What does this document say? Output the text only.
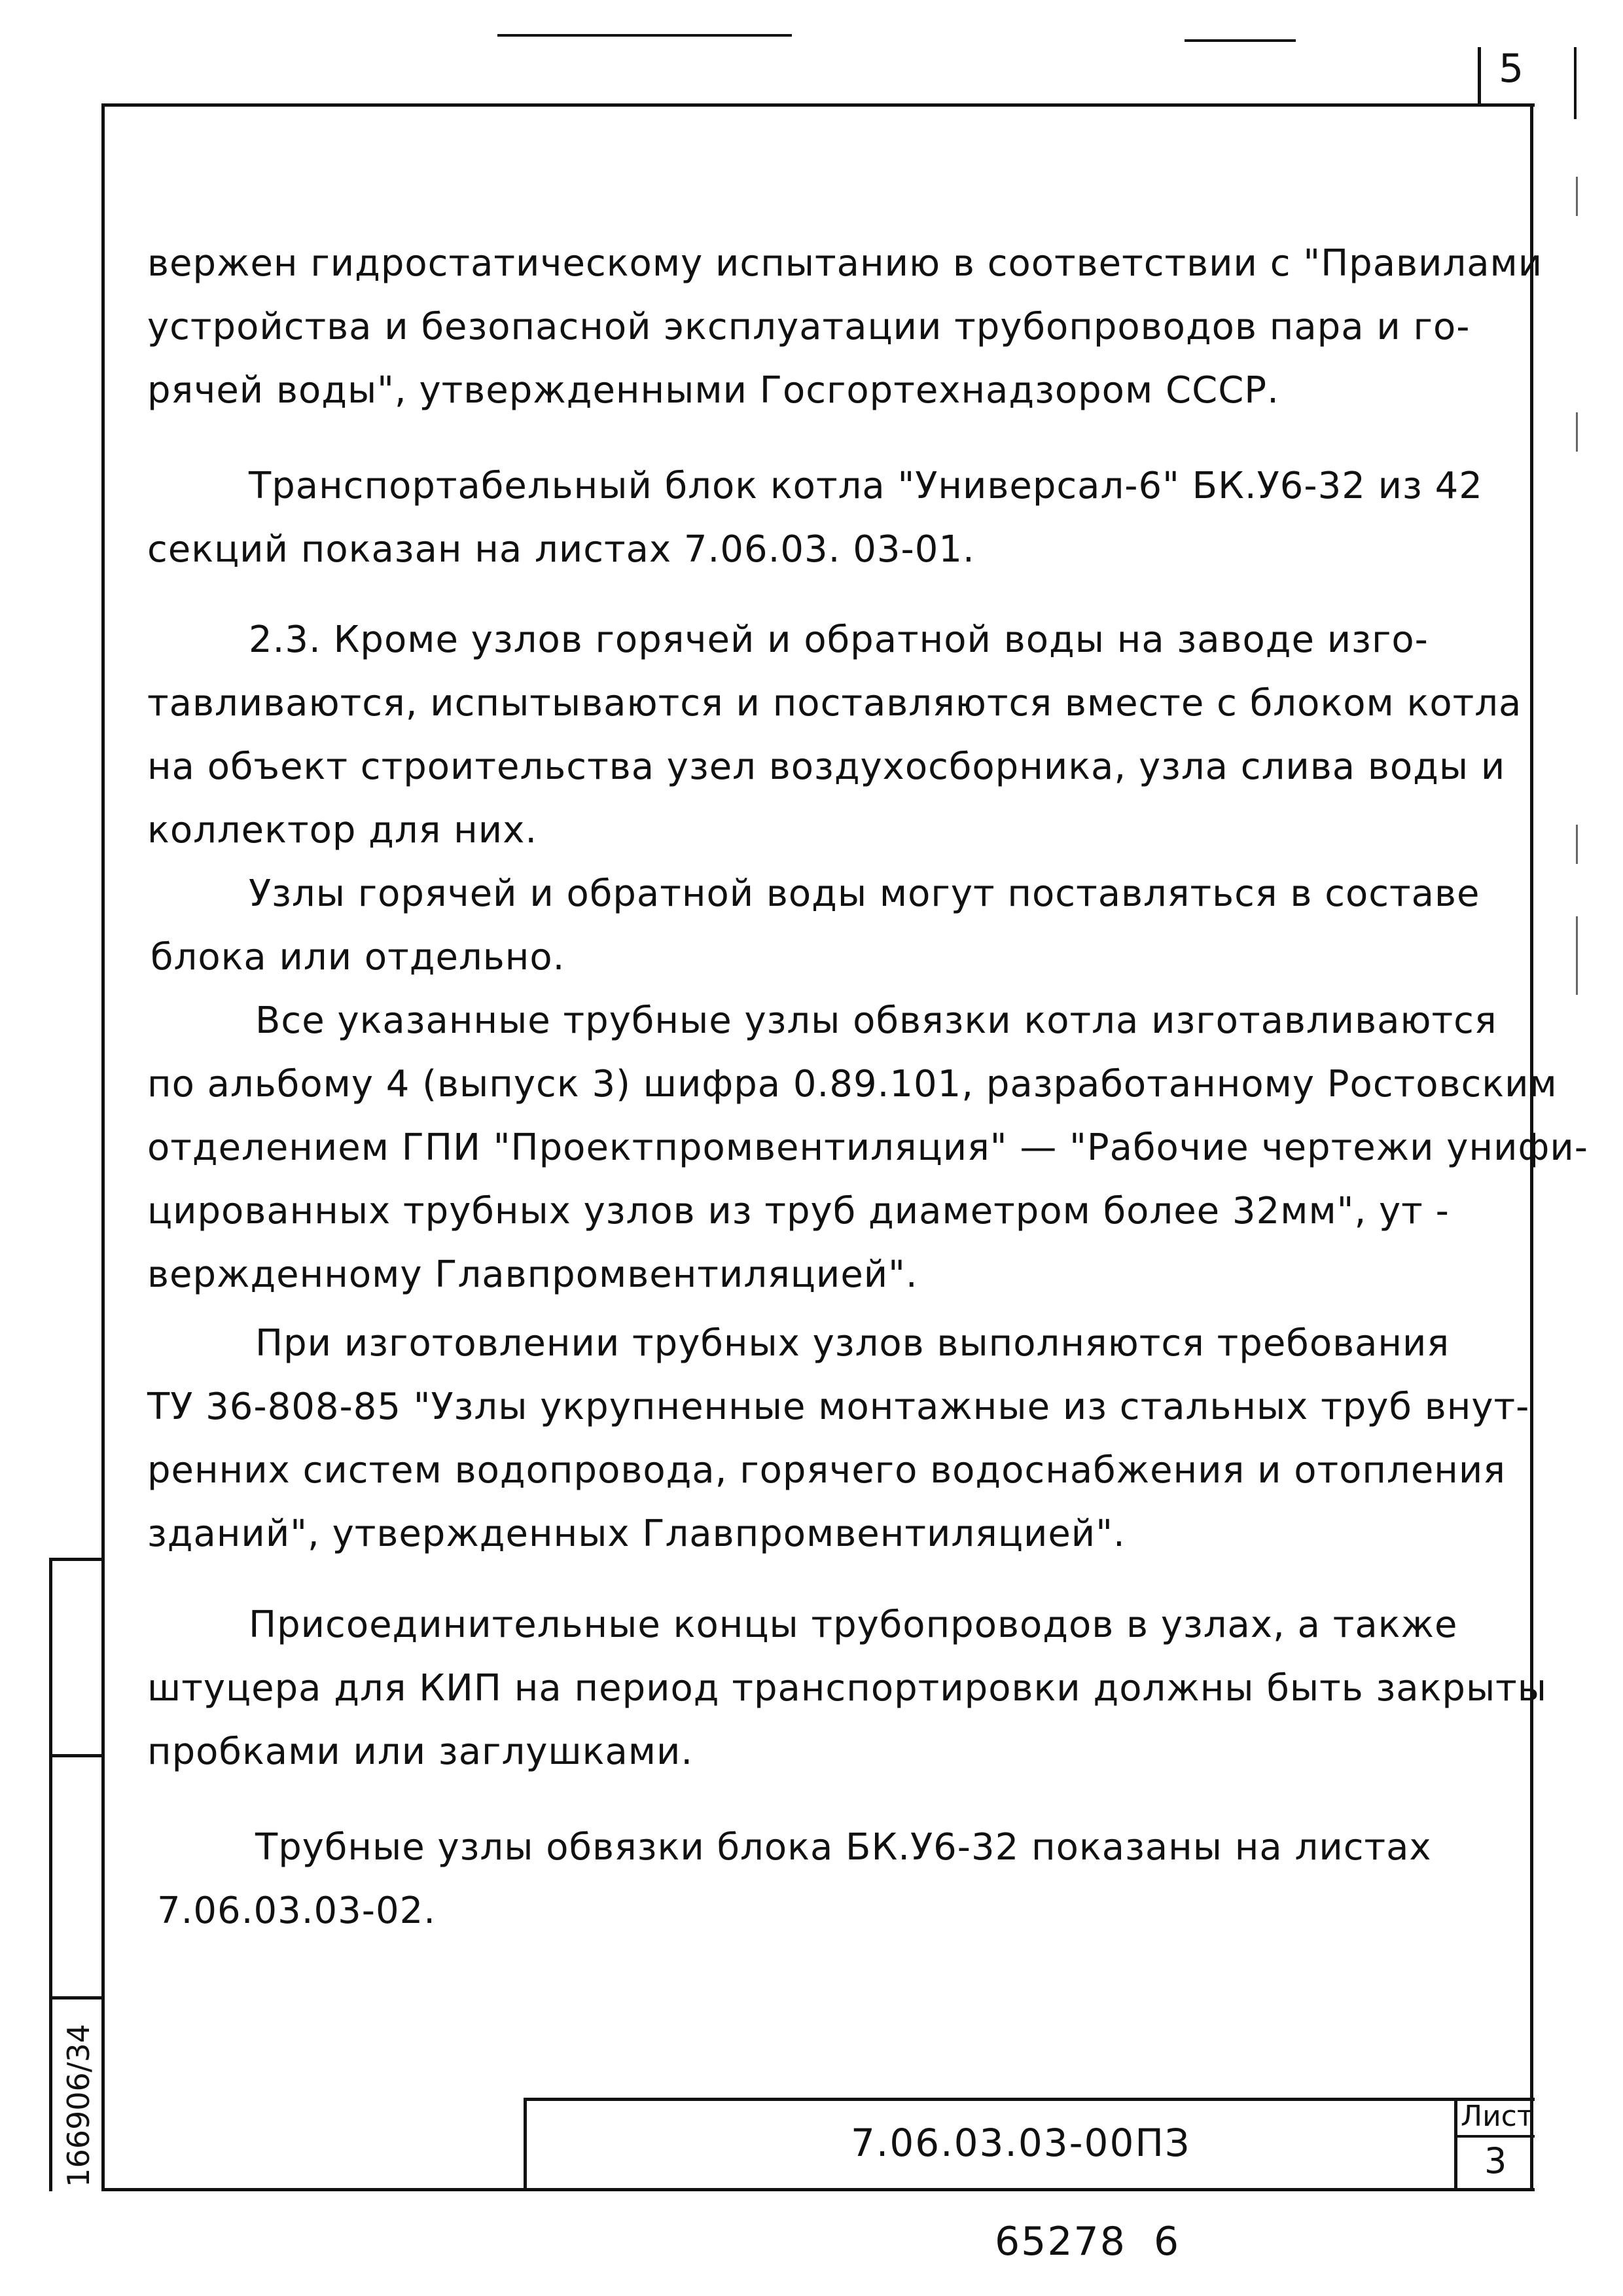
5
166906/34
вержен гидростатическому испытанию в соответствии с "Правилами
устройства и безопасной эксплуатации трубопроводов пара и го-
рячей воды", утвержденными Госгортехнадзором СССР.
Транспортабельный блок котла "Универсал-6" БК.У6-32 из 42
секций показан на листах 7.06.03. 03-01.
2.3. Кроме узлов горячей и обратной воды на заводе изго-
тавливаются, испытываются и поставляются вместе с блоком котла
на объект строительства узел воздухосборника, узла слива воды и
коллектор для них.
Узлы горячей и обратной воды могут поставляться в составе
блока или отдельно.
Все указанные трубные узлы обвязки котла изготавливаются
по альбому 4 (выпуск 3) шифра 0.89.101, разработанному Ростовским
отделением ГПИ "Проектпромвентиляция" — "Рабочие чертежи унифи-
цированных трубных узлов из труб диаметром более 32мм", ут -
вержденному Главпромвентиляцией".
При изготовлении трубных узлов выполняются требования
ТУ 36-808-85 "Узлы укрупненные монтажные из стальных труб внут-
ренних систем водопровода, горячего водоснабжения и отопления
зданий", утвержденных Главпромвентиляцией".
Присоединительные концы трубопроводов в узлах, а также
штуцера для КИП на период транспортировки должны быть закрыты
пробками или заглушками.
Трубные узлы обвязки блока БК.У6-32 показаны на листах
7.06.03.03-02.
7.06.03.03-00ПЗ
Лист
3
65278  6
